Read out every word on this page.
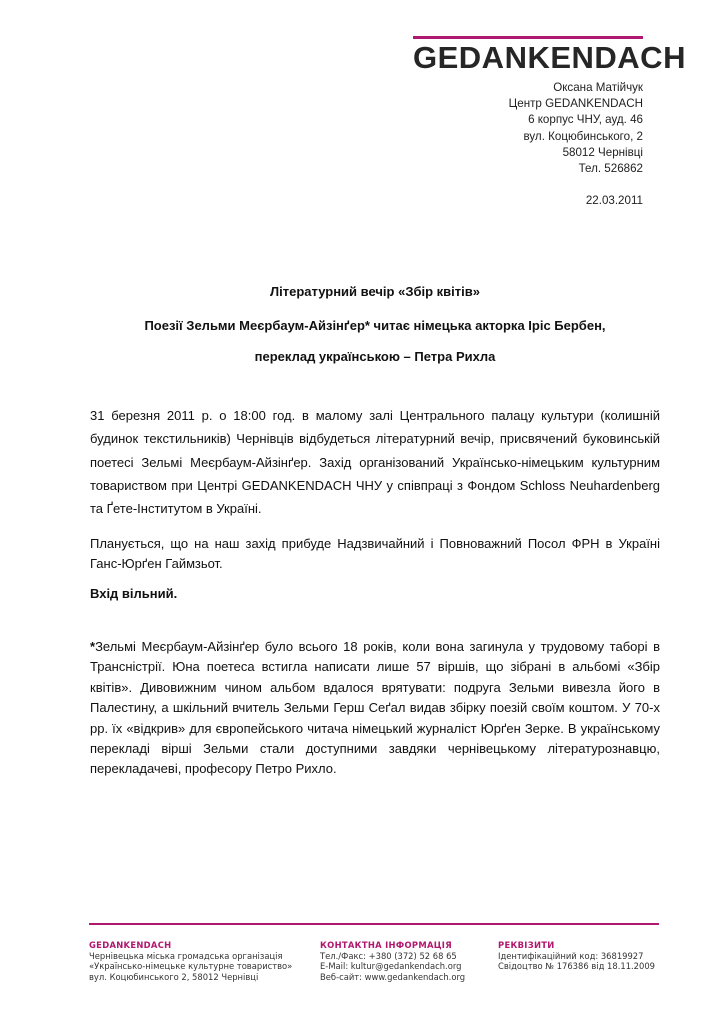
GEDANKENDACH
Оксана Матійчук
Центр GEDANKENDACH
6 корпус ЧНУ, ауд. 46
вул. Коцюбинського, 2
58012 Чернівці
Тел. 526862
22.03.2011
Літературний вечір «Збір квітів»
Поезії Зельми Меєрбаум-Айзінґер* читає німецька акторка Іріс Бербен,
переклад українською – Петра Рихла
31 березня 2011 р. о 18:00 год. в малому залі Центрального палацу культури (колишній будинок текстильників) Чернівців відбудеться літературний вечір, присвячений буковинській поетесі Зельмі Меєрбаум-Айзінґер. Захід організований Українсько-німецьким культурним товариством при Центрі GEDANKENDACH ЧНУ у співпраці з Фондом Schloss Neuhardenberg та Ґете-Інститутом в Україні.
Планується, що на наш захід прибуде Надзвичайний і Повноважний Посол ФРН в Україні Ганс-Юрґен Гаймзьот.
Вхід вільний.
*Зельмі Меєрбаум-Айзінґер було всього 18 років, коли вона загинула у трудовому таборі в Трансністрії. Юна поетеса встигла написати лише 57 віршів, що зібрані в альбомі «Збір квітів». Дивовижним чином альбом вдалося врятувати: подруга Зельми вивезла його в Палестину, а шкільний вчитель Зельми Герш Сеґал видав збірку поезій своїм коштом. У 70-х рр. їх «відкрив» для європейського читача німецький журналіст Юрґен Зерке. В українському перекладі вірші Зельми стали доступними завдяки чернівецькому літературознавцю, перекладачеві, професору Петро Рихло.
GEDANKENDACH
Чернівецька міська громадська організація
«Українсько-німецьке культурне товариство»
вул. Коцюбинського 2, 58012 Чернівці
КОНТАКТНА ІНФОРМАЦІЯ
Тел./Факс: +380 (372) 52 68 65
E-Mail: kultur@gedankendach.org
Веб-сайт: www.gedankendach.org
РЕКВІЗИТИ
Ідентифікаційний код: 36819927
Свідоцтво № 176386 від 18.11.2009
